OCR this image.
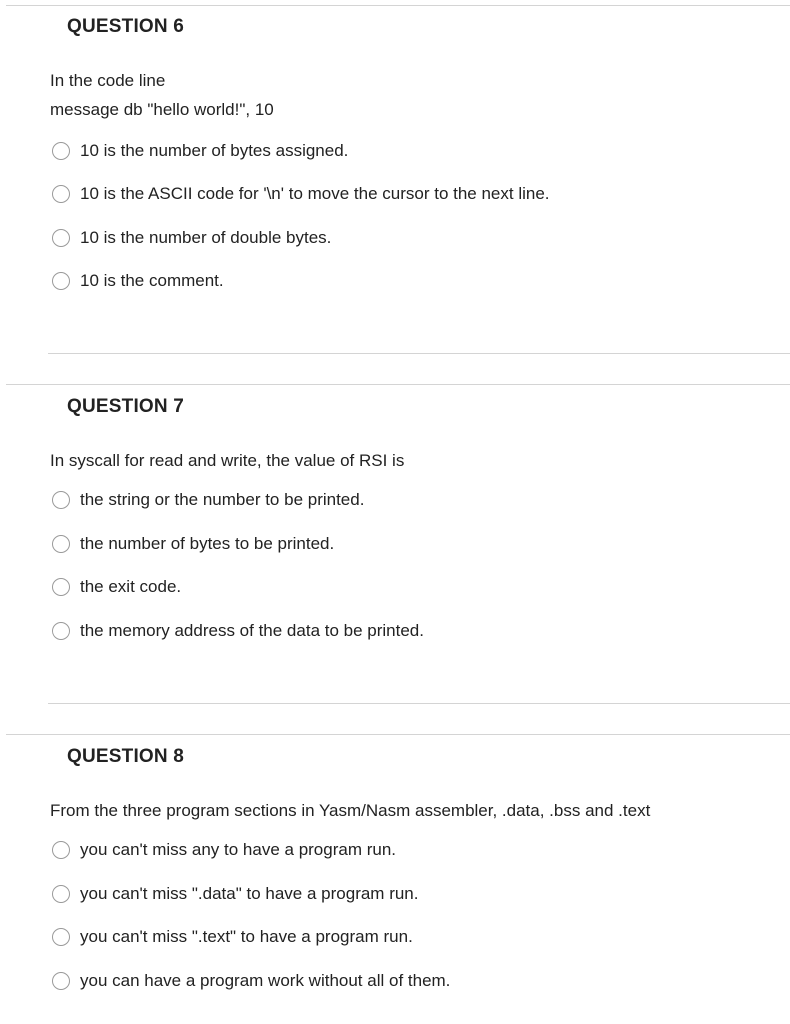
QUESTION 6
In the code line
message db "hello world!", 10
10 is the number of bytes assigned.
10 is the ASCII code for '\n' to move the cursor to the next line.
10 is the number of double bytes.
10 is the comment.
QUESTION 7
In syscall for read and write, the value of RSI is
the string or the number to be printed.
the number of bytes to be printed.
the exit code.
the memory address of the data to be printed.
QUESTION 8
From the three program sections in Yasm/Nasm assembler, .data, .bss and .text
you can't miss any to have a program run.
you can't miss ".data" to have a program run.
you can't miss ".text" to have a program run.
you can have a program work without all of them.
